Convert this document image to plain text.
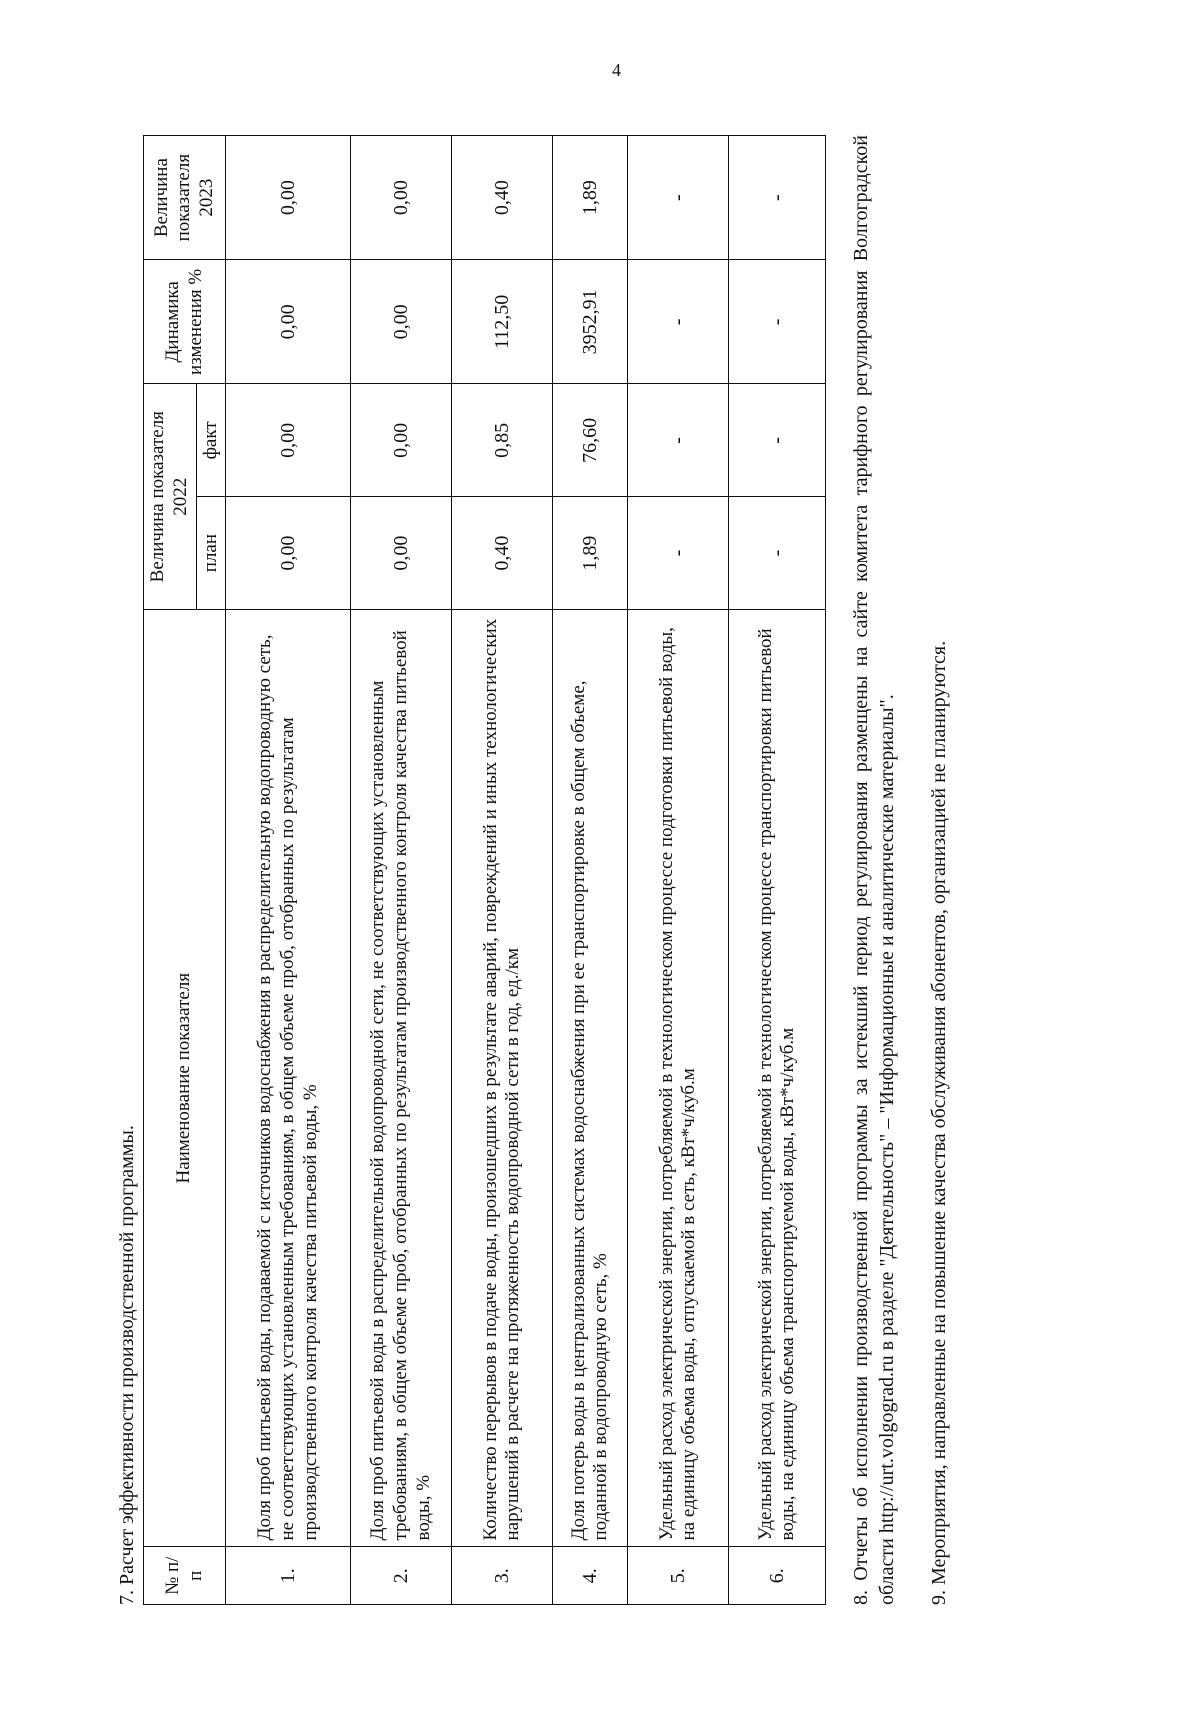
4

7. Расчет эффективности производственной программы. № п/п	Наименование показателя	Величина показателя 2022		Динамика изменения %	Величина показателя 2023
		план	факт		
1.	Доля проб питьевой воды, подаваемой с источников водоснабжения в распределительную водопроводную сеть, не соответствующих установленным требованиям, в общем объеме проб, отобранных по результатам производственного контроля качества питьевой воды, %	0,00	0,00	0,00	0,00
2.	Доля проб питьевой воды в распределительной водопроводной сети, не соответствующих установленным требованиям, в общем объеме проб, отобранных по результатам производственного контроля качества питьевой воды, %	0,00	0,00	0,00	0,00
3.	Количество перерывов в подаче воды, произошедших в результате аварий, повреждений и иных технологических нарушений в расчете на протяженность водопроводной сети в год, ед./км	0,40	0,85	112,50	0,40
4.	Доля потерь воды в централизованных системах водоснабжения при ее транспортировке в общем объеме, поданной в водопроводную сеть, %	1,89	76,60	3952,91	1,89
5.	Удельный расход электрической энергии, потребляемой в технологическом процессе подготовки питьевой воды, на единицу объема воды, отпускаемой в сеть, кВт*ч/куб.м	-	-	-	-
6.	Удельный расход электрической энергии, потребляемой в технологическом процессе транспортировки питьевой воды, на единицу объема транспортируемой воды, кВт*ч/куб.м	-	-	-	-	8. Отчеты об исполнении производственной программы за истекший период регулирования размещены на сайте комитета тарифного регулирования Волгоградской области http://urt.volgograd.ru в разделе "Деятельность" – "Информационные и аналитические материалы". 9. Мероприятия, направленные на повышение качества обслуживания абонентов, организацией не планируются.
